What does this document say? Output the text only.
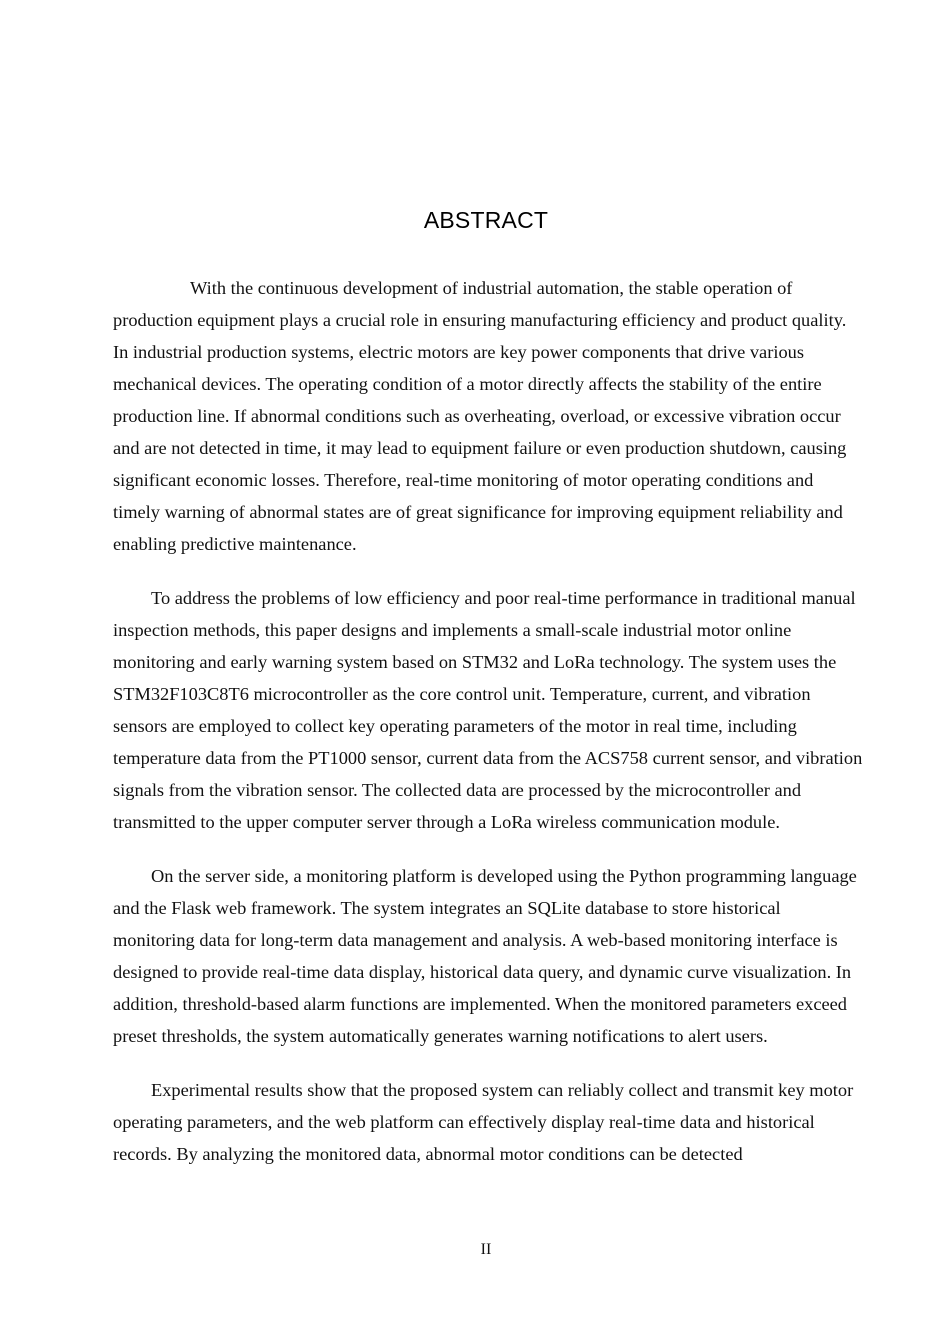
ABSTRACT

With the continuous development of industrial automation, the stable operation of production equipment plays a crucial role in ensuring manufacturing efficiency and product quality. In industrial production systems, electric motors are key power components that drive various mechanical devices. The operating condition of a motor directly affects the stability of the entire production line. If abnormal conditions such as overheating, overload, or excessive vibration occur and are not detected in time, it may lead to equipment failure or even production shutdown, causing significant economic losses. Therefore, real-time monitoring of motor operating conditions and timely warning of abnormal states are of great significance for improving equipment reliability and enabling predictive maintenance.

To address the problems of low efficiency and poor real-time performance in traditional manual inspection methods, this paper designs and implements a small-scale industrial motor online monitoring and early warning system based on STM32 and LoRa technology. The system uses the STM32F103C8T6 microcontroller as the core control unit. Temperature, current, and vibration sensors are employed to collect key operating parameters of the motor in real time, including temperature data from the PT1000 sensor, current data from the ACS758 current sensor, and vibration signals from the vibration sensor. The collected data are processed by the microcontroller and transmitted to the upper computer server through a LoRa wireless communication module.

On the server side, a monitoring platform is developed using the Python programming language and the Flask web framework. The system integrates an SQLite database to store historical monitoring data for long-term data management and analysis. A web-based monitoring interface is designed to provide real-time data display, historical data query, and dynamic curve visualization. In addition, threshold-based alarm functions are implemented. When the monitored parameters exceed preset thresholds, the system automatically generates warning notifications to alert users.

Experimental results show that the proposed system can reliably collect and transmit key motor operating parameters, and the web platform can effectively display real-time data and historical records. By analyzing the monitored data, abnormal motor conditions can be detected

II
